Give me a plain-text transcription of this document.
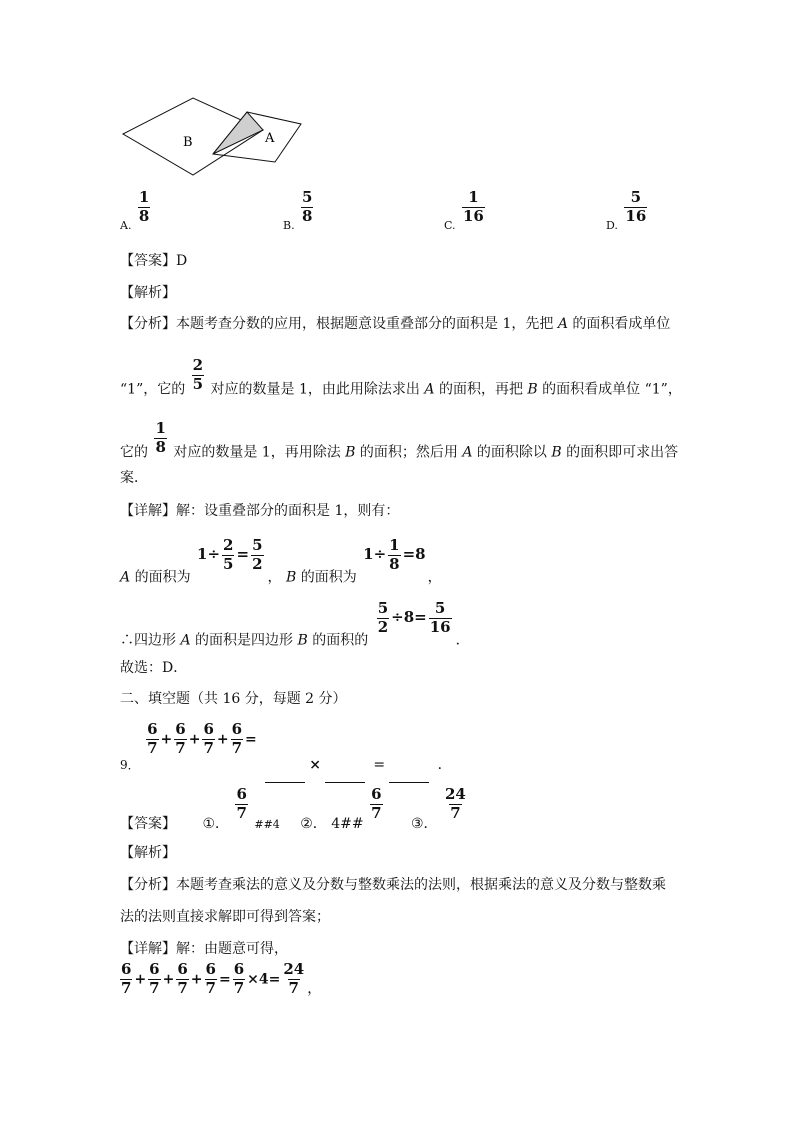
B	A
$_{A.}$
$\frac{1}{8}$
$_{B.}$
$\frac{5}{8}$
$_{C.}$
$\frac{1}{16}$
$_{D.}$
$\frac{5}{16}$
【答案】D
【解析】
【分析】本题考查分数的应用，根据题意设重叠部分的面积是 1，先把 A 的面积看成单位
“1”，它的 $\frac{2}{5}$ 对应的数量是 1，由此用除法求出 A 的面积，再把 B 的面积看成单位 “1”，
它的 $\frac{1}{8}$ 对应的数量是 1，再用除法 B 的面积；然后用 A 的面积除以 B 的面积即可求出答
案．
【详解】解：设重叠部分的面积是 1，则有：
A 的面积为
$1\div \frac{2}{5} = \frac{5}{2}$
， B 的面积为
$1\div \frac{1}{8} =8$
，
∴四边形 A 的面积是四边形 B 的面积的
$\frac{5}{2} \div 8= \frac{5}{16}$
．
故选：D．
二、填空题（共 16 分，每题 2 分）
9．
$\frac{6}{7} + \frac{6}{7} + \frac{6}{7} + \frac{6}{7}$ = ×	=	．
【答案】 ①．
$\frac{6}{7}$
$_{\#\#4}$ ②． 4##
$\frac{6}{7}$
③．
$\frac{24}{7}$
【解析】
【分析】本题考查乘法的意义及分数与整数乘法的法则，根据乘法的意义及分数与整数乘
法的法则直接求解即可得到答案；
【详解】解：由题意可得，
$\frac{6}{7} + \frac{6}{7} + \frac{6}{7} + \frac{6}{7} = \frac{6}{7} \times 4= \frac{24}{7}$ ，
